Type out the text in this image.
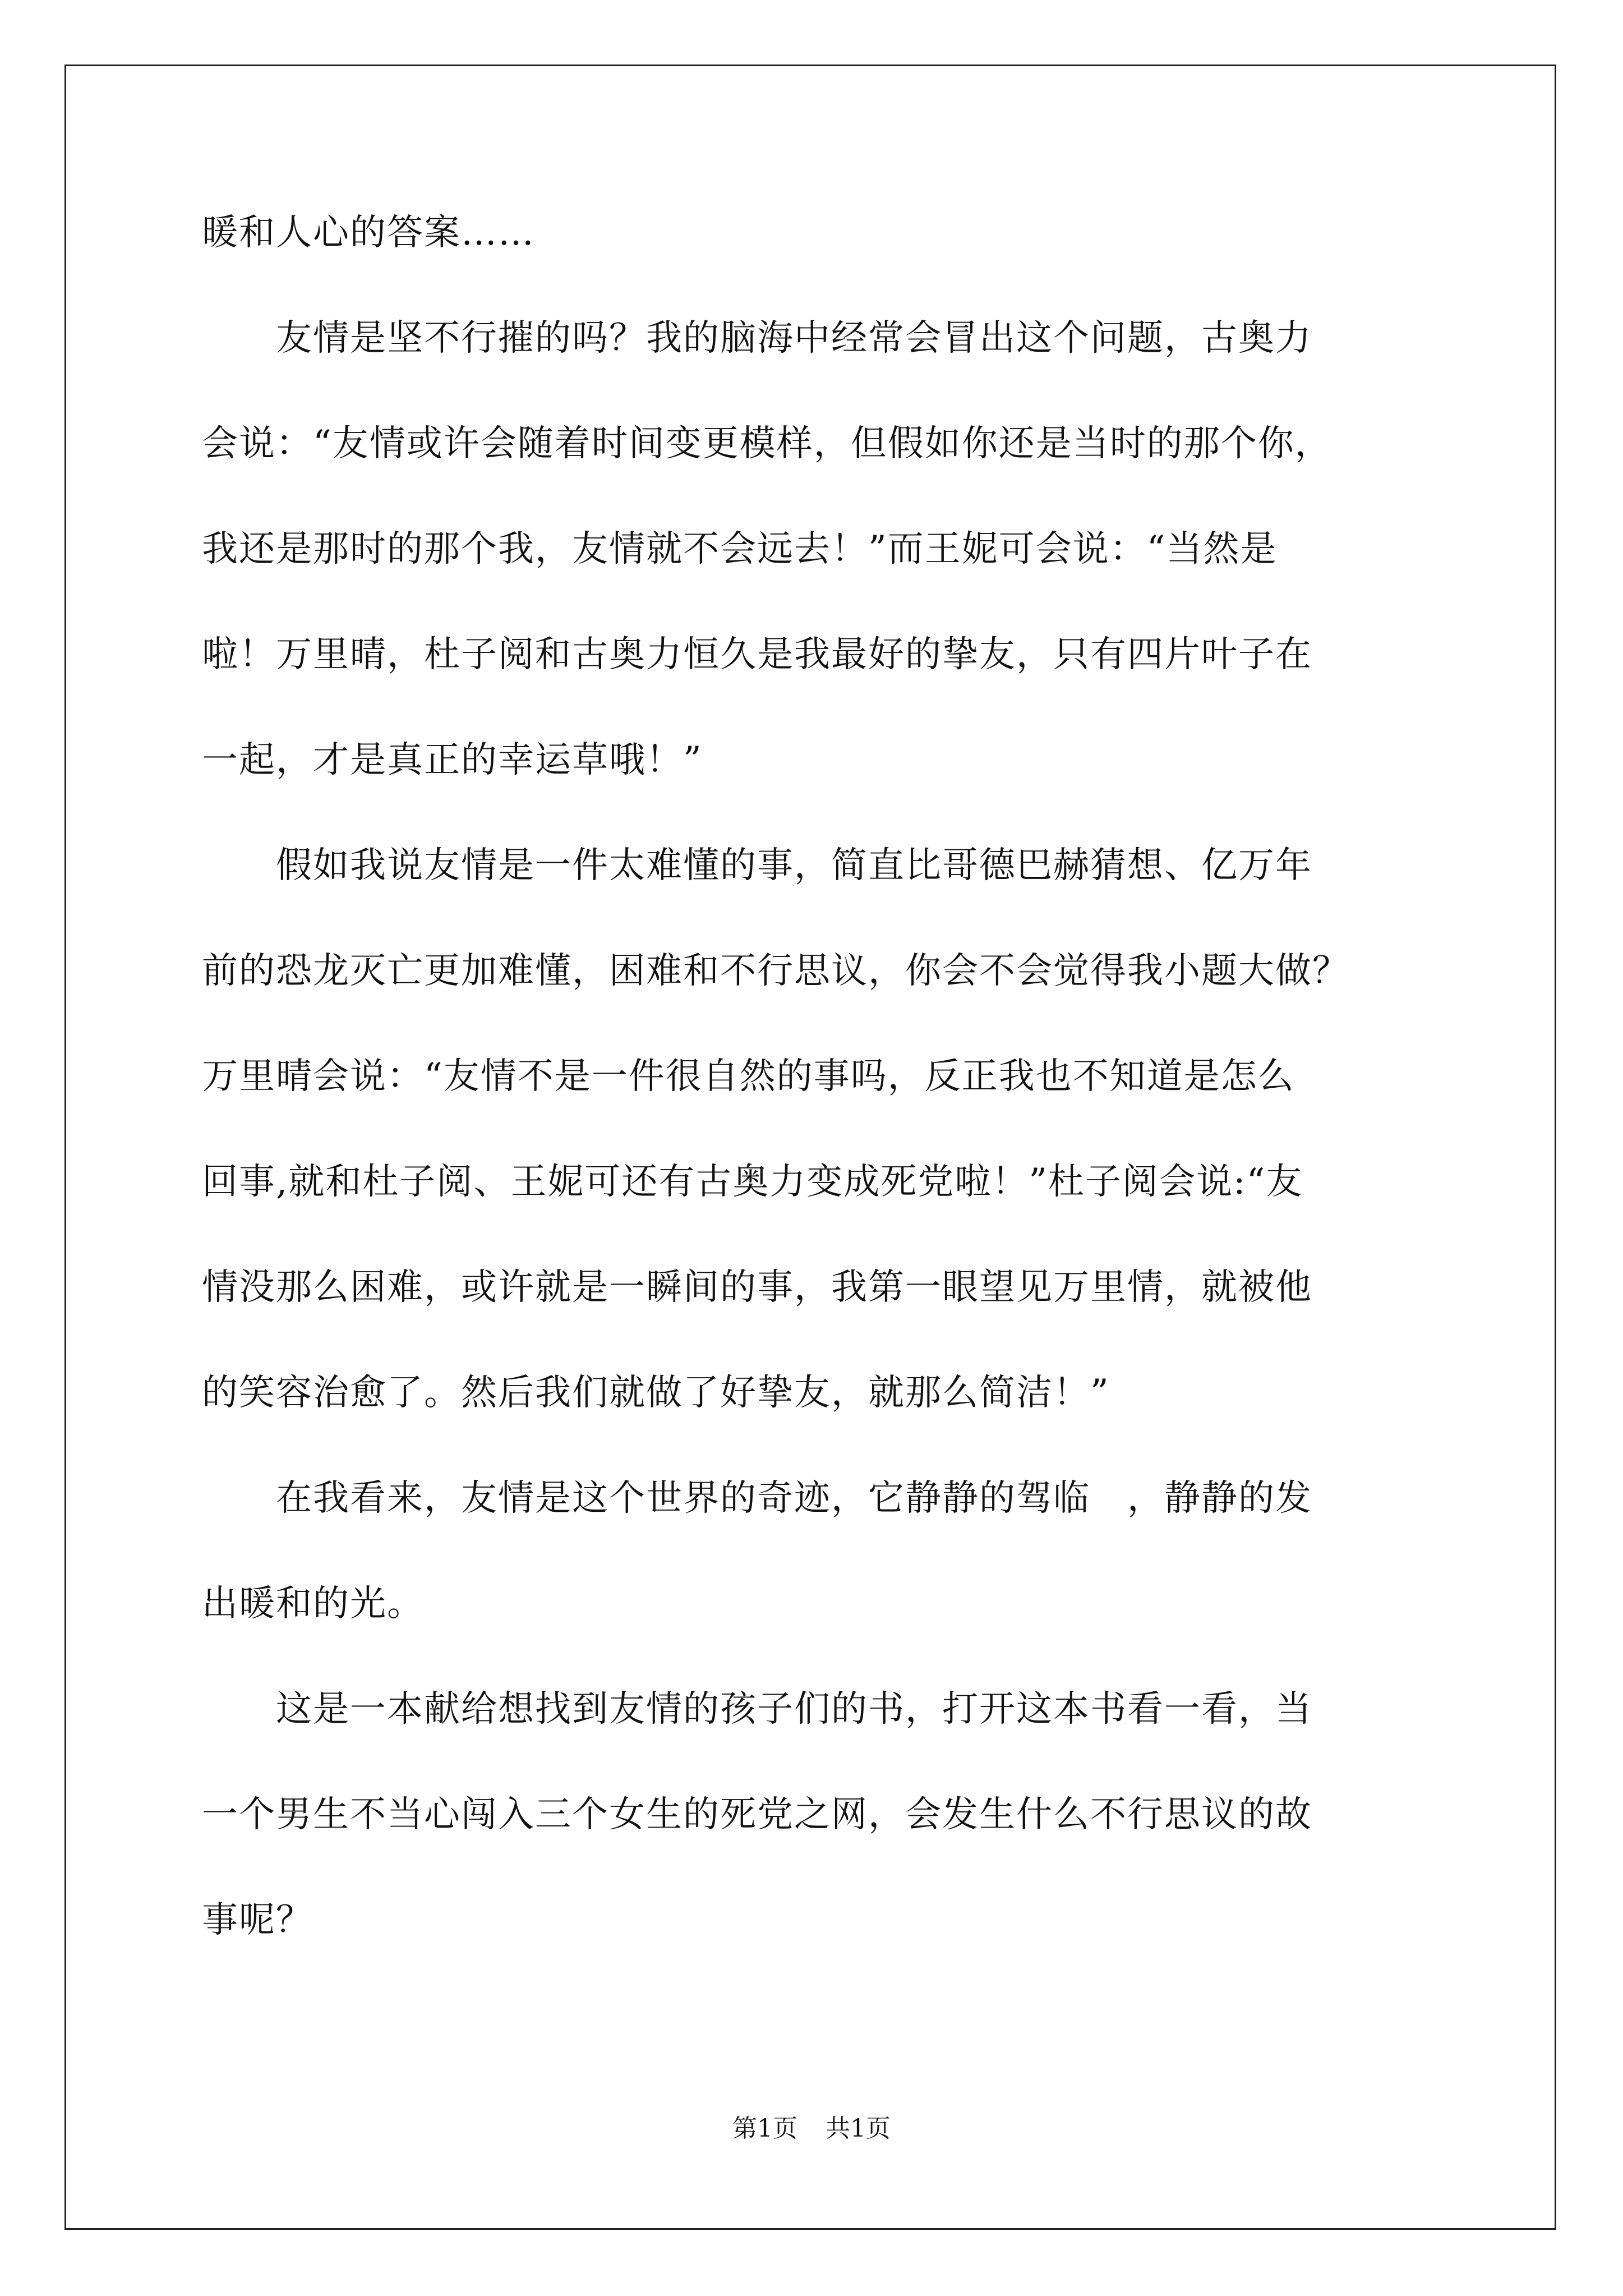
暖和人心的答案……
　　友情是坚不行摧的吗？我的脑海中经常会冒出这个问题，古奥力
会说：“友情或许会随着时间变更模样，但假如你还是当时的那个你，
我还是那时的那个我，友情就不会远去！”而王妮可会说：“当然是
啦！万里晴，杜子阅和古奥力恒久是我最好的挚友，只有四片叶子在
一起，才是真正的幸运草哦！”
　　假如我说友情是一件太难懂的事，简直比哥德巴赫猜想、亿万年
前的恐龙灭亡更加难懂，困难和不行思议，你会不会觉得我小题大做？
万里晴会说：“友情不是一件很自然的事吗，反正我也不知道是怎么
回事,就和杜子阅、王妮可还有古奥力变成死党啦！”杜子阅会说:“友
情没那么困难，或许就是一瞬间的事，我第一眼望见万里情，就被他
的笑容治愈了。然后我们就做了好挚友，就那么简洁！”
　　在我看来，友情是这个世界的奇迹，它静静的驾临　，静静的发
出暖和的光。
　　这是一本献给想找到友情的孩子们的书，打开这本书看一看，当
一个男生不当心闯入三个女生的死党之网，会发生什么不行思议的故
事呢？
第1页 共1页
